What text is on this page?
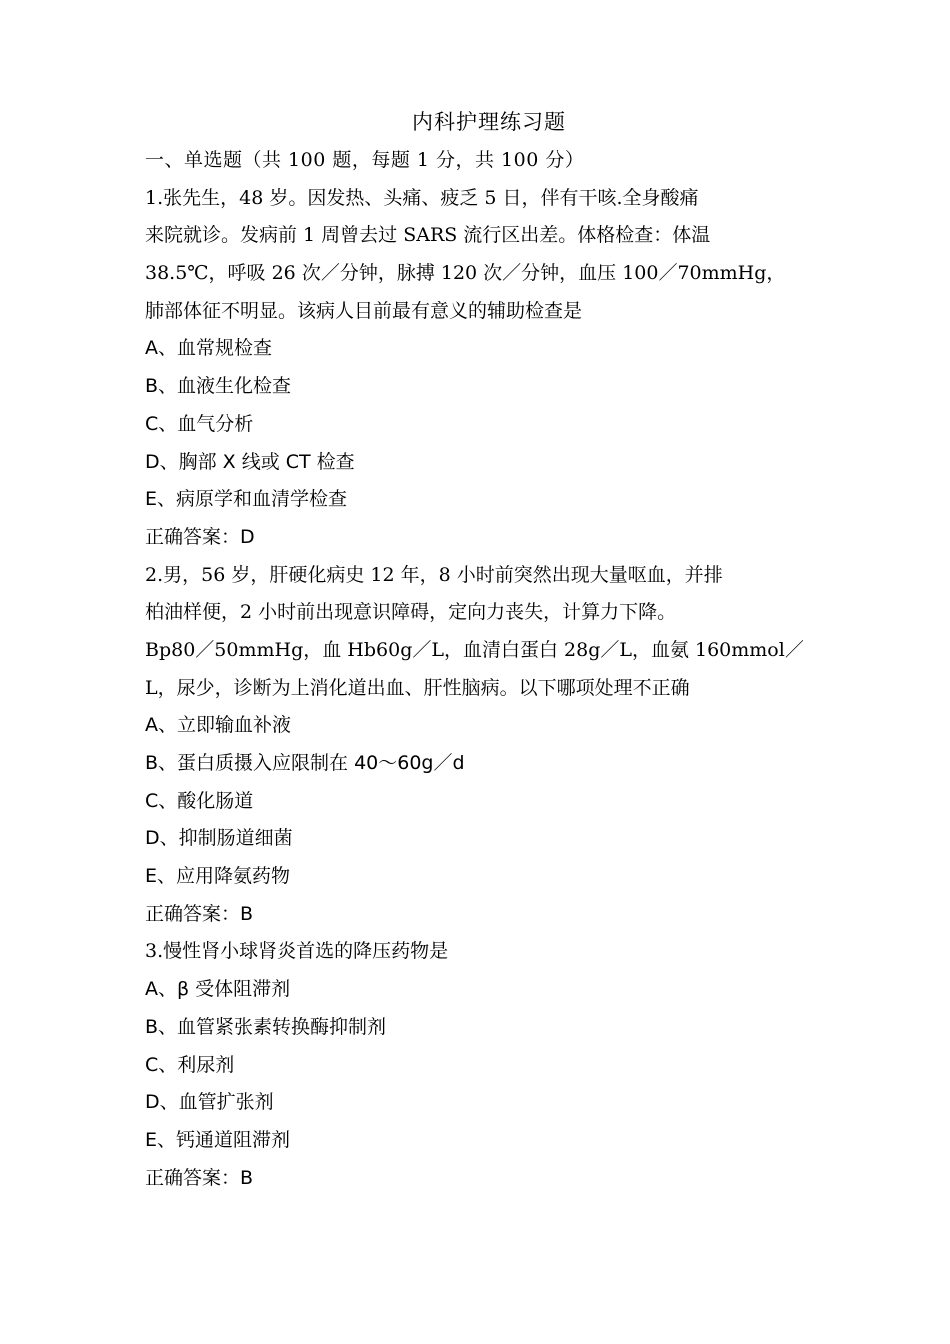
内科护理练习题
一、单选题（共 100 题，每题 1 分，共 100 分）
1.张先生，48 岁。因发热、头痛、疲乏 5 日，伴有干咳.全身酸痛
来院就诊。发病前 1 周曾去过 SARS 流行区出差。体格检查：体温
38.5℃，呼吸 26 次／分钟，脉搏 120 次／分钟，血压 100／70mmHg，
肺部体征不明显。该病人目前最有意义的辅助检查是
A、血常规检查
B、血液生化检查
C、血气分析
D、胸部 X 线或 CT 检查
E、病原学和血清学检查
正确答案：D
2.男，56 岁，肝硬化病史 12 年，8 小时前突然出现大量呕血，并排
柏油样便，2 小时前出现意识障碍，定向力丧失，计算力下降。
Bp80／50mmHg，血 Hb60g／L，血清白蛋白 28g／L，血氨 160mmol／
L，尿少，诊断为上消化道出血、肝性脑病。以下哪项处理不正确
A、立即输血补液
B、蛋白质摄入应限制在 40～60g／d
C、酸化肠道
D、抑制肠道细菌
E、应用降氨药物
正确答案：B
3.慢性肾小球肾炎首选的降压药物是
A、β 受体阻滞剂
B、血管紧张素转换酶抑制剂
C、利尿剂
D、血管扩张剂
E、钙通道阻滞剂
正确答案：B
